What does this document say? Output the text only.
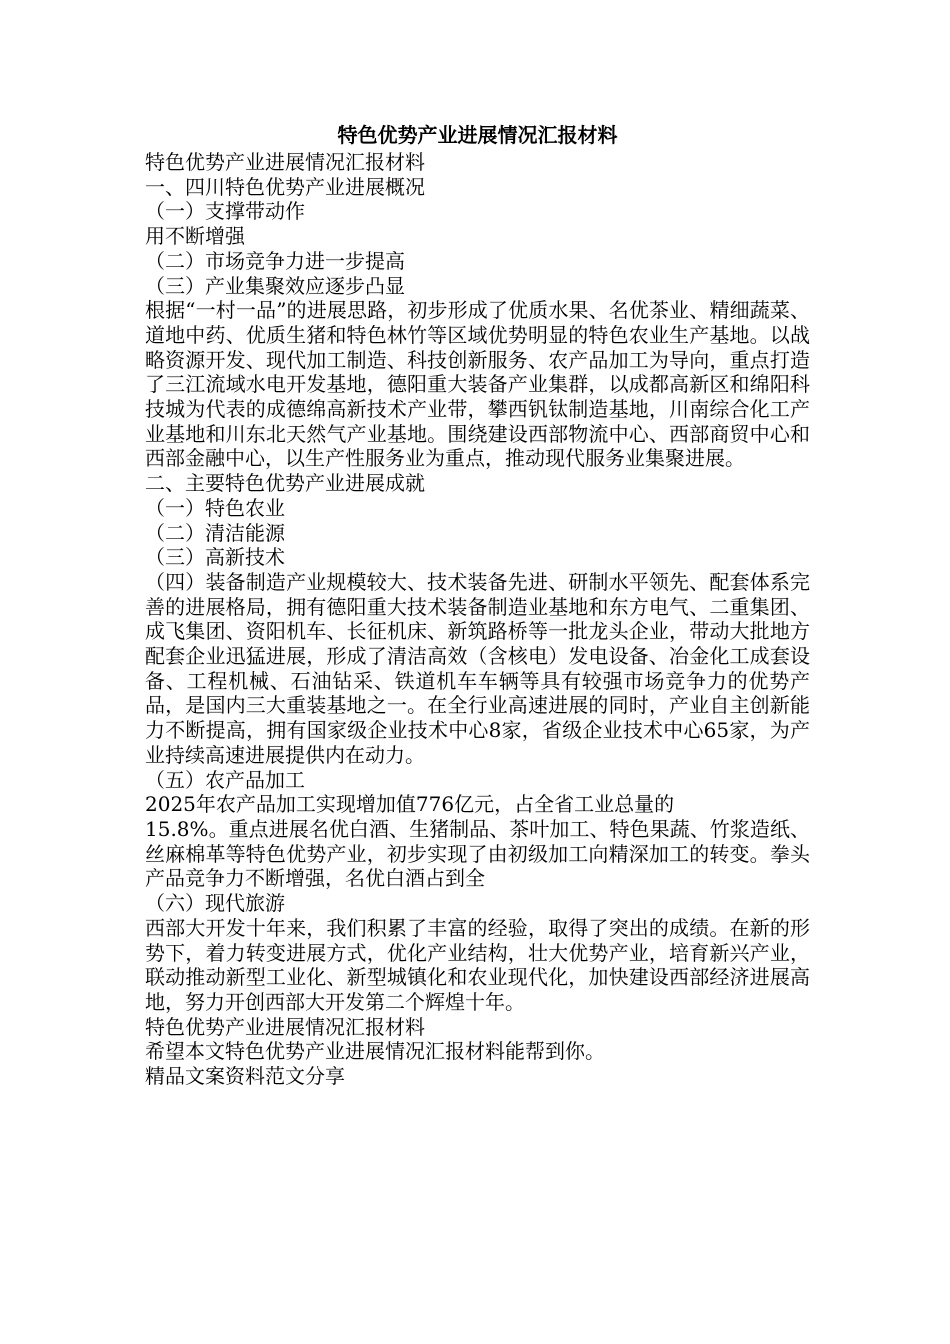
特色优势产业进展情况汇报材料

特色优势产业进展情况汇报材料

一、四川特色优势产业进展概况

（一）支撑带动作

用不断增强

（二）市场竞争力进一步提高

（三）产业集聚效应逐步凸显

根据“一村一品”的进展思路，初步形成了优质水果、名优茶业、精细蔬菜、道地中药、优质生猪和特色林竹等区域优势明显的特色农业生产基地。以战略资源开发、现代加工制造、科技创新服务、农产品加工为导向，重点打造了三江流域水电开发基地，德阳重大装备产业集群，以成都高新区和绵阳科技城为代表的成德绵高新技术产业带，攀西钒钛制造基地，川南综合化工产业基地和川东北天然气产业基地。围绕建设西部物流中心、西部商贸中心和西部金融中心，以生产性服务业为重点，推动现代服务业集聚进展。

二、主要特色优势产业进展成就

（一）特色农业

（二）清洁能源

（三）高新技术

（四）装备制造产业规模较大、技术装备先进、研制水平领先、配套体系完善的进展格局，拥有德阳重大技术装备制造业基地和东方电气、二重集团、成飞集团、资阳机车、长征机床、新筑路桥等一批龙头企业，带动大批地方配套企业迅猛进展，形成了清洁高效（含核电）发电设备、冶金化工成套设备、工程机械、石油钻采、铁道机车车辆等具有较强市场竞争力的优势产品，是国内三大重装基地之一。在全行业高速进展的同时，产业自主创新能力不断提高，拥有国家级企业技术中心8家，省级企业技术中心65家，为产业持续高速进展提供内在动力。

（五）农产品加工

2025年农产品加工实现增加值776亿元，占全省工业总量的

15.8%。重点进展名优白酒、生猪制品、茶叶加工、特色果蔬、竹浆造纸、丝麻棉革等特色优势产业，初步实现了由初级加工向精深加工的转变。拳头产品竞争力不断增强，名优白酒占到全

（六）现代旅游

西部大开发十年来，我们积累了丰富的经验，取得了突出的成绩。在新的形势下，着力转变进展方式，优化产业结构，壮大优势产业，培育新兴产业，联动推动新型工业化、新型城镇化和农业现代化，加快建设西部经济进展高地，努力开创西部大开发第二个辉煌十年。

特色优势产业进展情况汇报材料

希望本文特色优势产业进展情况汇报材料能帮到你。

精品文案资料范文分享
